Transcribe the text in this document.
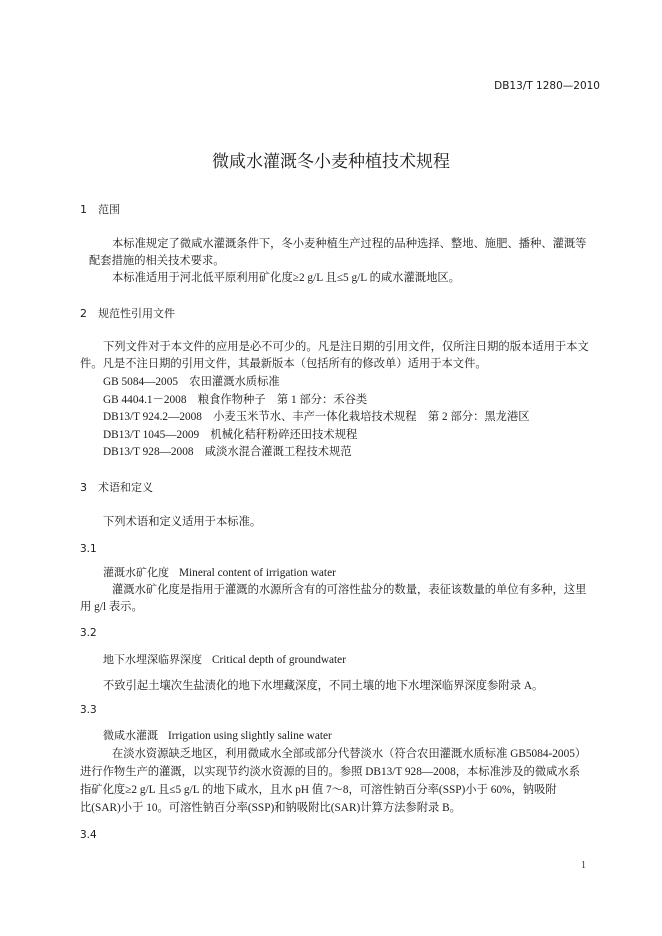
DB13/T 1280—2010
微咸水灌溉冬小麦种植技术规程
1　范围
本标准规定了微咸水灌溉条件下，冬小麦种植生产过程的品种选择、整地、施肥、播种、灌溉等
配套措施的相关技术要求。
本标准适用于河北低平原利用矿化度≥2 g/L 且≤5 g/L 的咸水灌溉地区。
2　规范性引用文件
下列文件对于本文件的应用是必不可少的。凡是注日期的引用文件，仅所注日期的版本适用于本文
件。凡是不注日期的引用文件，其最新版本（包括所有的修改单）适用于本文件。
GB 5084—2005　农田灌溉水质标准
GB 4404.1－2008　粮食作物种子　第 1 部分：禾谷类
DB13/T 924.2—2008　小麦玉米节水、丰产一体化栽培技术规程　第 2 部分：黑龙港区
DB13/T 1045—2009　机械化秸秆粉碎还田技术规程
DB13/T 928—2008　咸淡水混合灌溉工程技术规范
3　术语和定义
下列术语和定义适用于本标准。
3.1
灌溉水矿化度 Mineral content of irrigation water
灌溉水矿化度是指用于灌溉的水源所含有的可溶性盐分的数量，表征该数量的单位有多种，这里
用 g/l 表示。
3.2
地下水埋深临界深度 Critical depth of groundwater
不致引起土壤次生盐渍化的地下水埋藏深度，不同土壤的地下水埋深临界深度参附录 A。
3.3
微咸水灌溉 Irrigation using slightly saline water
在淡水资源缺乏地区，利用微咸水全部或部分代替淡水（符合农田灌溉水质标准 GB5084-2005）
进行作物生产的灌溉，以实现节约淡水资源的目的。参照 DB13/T 928—2008，本标准涉及的微咸水系
指矿化度≥2 g/L 且≤5 g/L 的地下咸水，且水 pH 值 7～8，可溶性钠百分率(SSP)小于 60%，钠吸附
比(SAR)小于 10。可溶性钠百分率(SSP)和钠吸附比(SAR)计算方法参附录 B。
3.4
1
